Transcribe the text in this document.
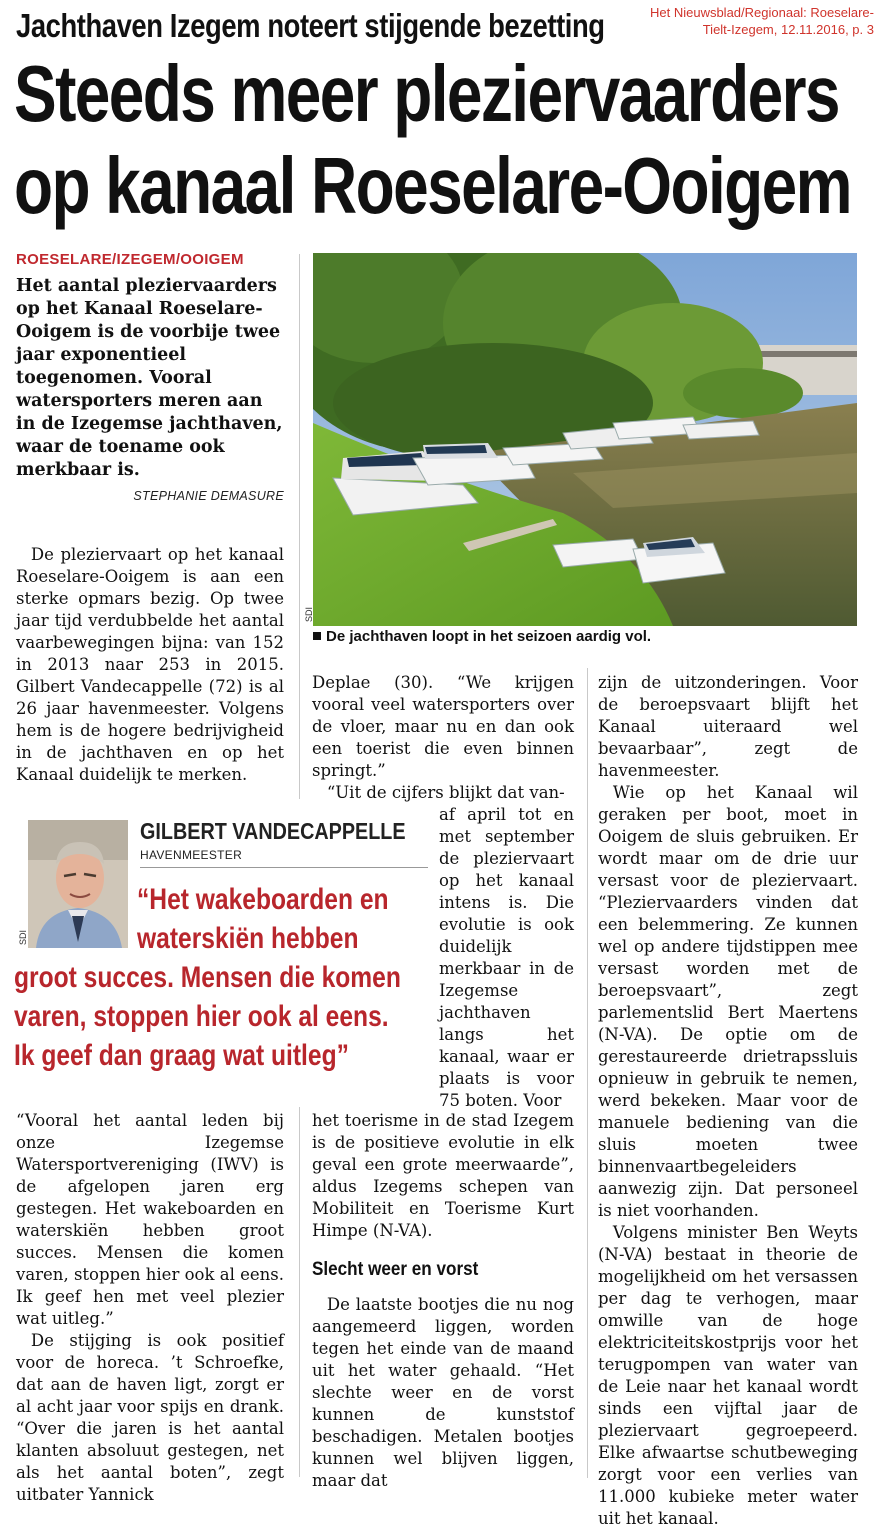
Het Nieuwsblad/Regionaal: Roeselare-
Tielt-Izegem, 12.11.2016, p. 3
Jachthaven Izegem noteert stijgende bezetting
Steeds meer pleziervaarders
op kanaal Roeselare-Ooigem
ROESELARE/IZEGEM/OOIGEM
Het aantal pleziervaarders op het Kanaal Roeselare-Ooigem is de voorbije twee jaar exponentieel toegenomen. Vooral watersporters meren aan in de Izegemse jachthaven, waar de toename ook merkbaar is.
STEPHANIE DEMASURE
SDI
De jachthaven loopt in het seizoen aardig vol.

De pleziervaart op het kanaal Roeselare-Ooigem is aan een sterke opmars bezig. Op twee jaar tijd verdubbelde het aantal vaarbewegingen bijna: van 152 in 2013 naar 253 in 2015. Gilbert Vandecappelle (72) is al 26 jaar havenmeester. Volgens hem is de hogere bedrijvigheid in de jachthaven en op het Kanaal duidelijk te merken.

SDI
GILBERT VANDECAPPELLE
HAVENMEESTER
“Het wakeboarden en
waterskiën hebben
groot succes. Mensen die komen
varen, stoppen hier ook al eens.
Ik geef dan graag wat uitleg”

“Vooral het aantal leden bij onze Izegemse Watersportvereniging (IWV) is de afgelopen jaren erg gestegen. Het wakeboarden en waterskiën hebben groot succes. Mensen die komen varen, stoppen hier ook al eens. Ik geef hen met veel plezier wat uitleg.”

De stijging is ook positief voor de horeca. ’t Schroefke, dat aan de haven ligt, zorgt er al acht jaar voor spijs en drank. “Over die jaren is het aantal klanten absoluut gestegen, net als het aantal boten”, zegt uitbater Yannick

Deplae (30). “We krijgen vooral veel watersporters over de vloer, maar nu en dan ook een toerist die even binnen springt.”

“Uit de cijfers blijkt dat van-

af april tot en met september de pleziervaart op het kanaal intens is. Die evolutie is ook duidelijk merkbaar in de Izegemse jachthaven langs het kanaal, waar er plaats is voor 75 boten. Voor

het toerisme in de stad Izegem is de positieve evolutie in elk geval een grote meerwaarde”, aldus Izegems schepen van Mobiliteit en Toerisme Kurt Himpe (N-VA).

Slecht weer en vorst

De laatste bootjes die nu nog aangemeerd liggen, worden tegen het einde van de maand uit het water gehaald. “Het slechte weer en de vorst kunnen de kunststof beschadigen. Metalen bootjes kunnen wel blijven liggen, maar dat

zijn de uitzonderingen. Voor de beroepsvaart blijft het Kanaal uiteraard wel bevaarbaar”, zegt de havenmeester.

Wie op het Kanaal wil geraken per boot, moet in Ooigem de sluis gebruiken. Er wordt maar om de drie uur versast voor de pleziervaart. “Pleziervaarders vinden dat een belemmering. Ze kunnen wel op andere tijdstippen mee versast worden met de beroepsvaart”, zegt parlementslid Bert Maertens (N-VA). De optie om de gerestaureerde drietrapssluis opnieuw in gebruik te nemen, werd bekeken. Maar voor de manuele bediening van die sluis moeten twee binnenvaartbegeleiders aanwezig zijn. Dat personeel is niet voorhanden.

Volgens minister Ben Weyts (N-VA) bestaat in theorie de mogelijkheid om het versassen per dag te verhogen, maar omwille van de hoge elektriciteitskostprijs voor het terugpompen van water van de Leie naar het kanaal wordt sinds een vijftal jaar de pleziervaart gegroepeerd. Elke afwaartse schutbeweging zorgt voor een verlies van 11.000 kubieke meter water uit het kanaal.
